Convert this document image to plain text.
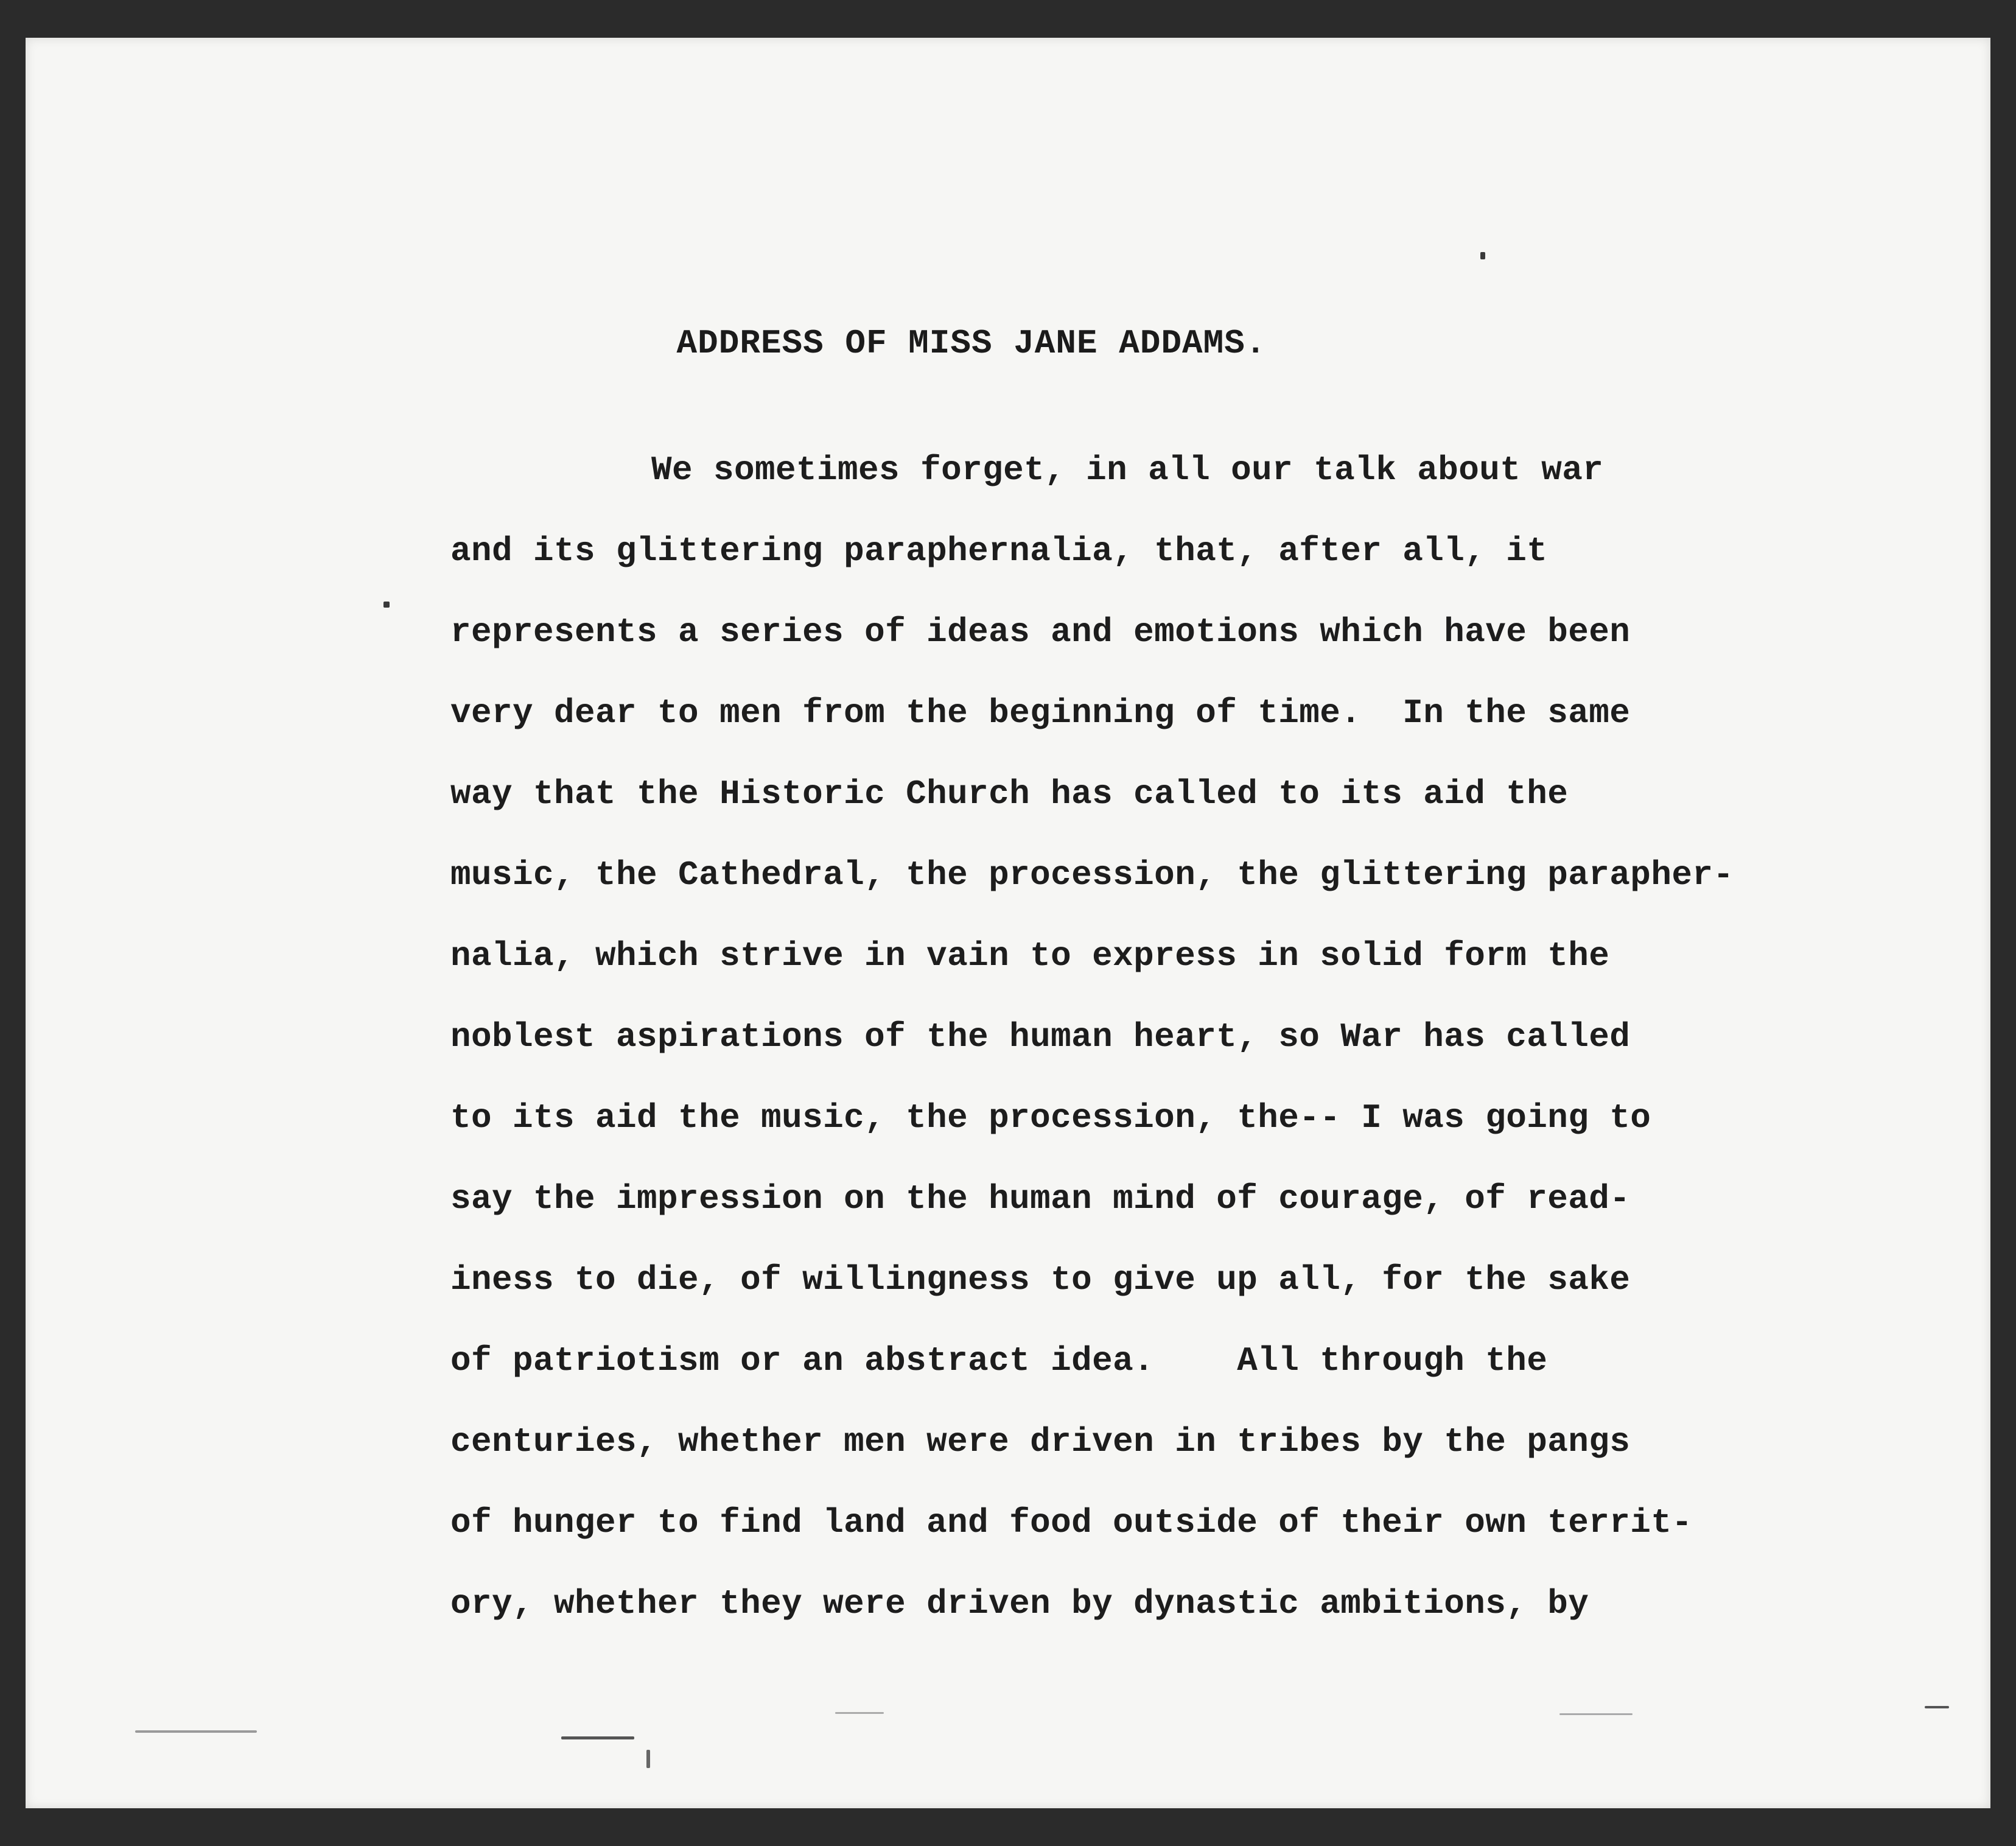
ADDRESS OF MISS JANE ADDAMS.
We sometimes forget, in all our talk about war
and its glittering paraphernalia, that, after all, it
represents a series of ideas and emotions which have been
very dear to men from the beginning of time.  In the same
way that the Historic Church has called to its aid the
music, the Cathedral, the procession, the glittering parapher-
nalia, which strive in vain to express in solid form the
noblest aspirations of the human heart, so War has called
to its aid the music, the procession, the-- I was going to
say the impression on the human mind of courage, of read-
iness to die, of willingness to give up all, for the sake
of patriotism or an abstract idea.    All through the
centuries, whether men were driven in tribes by the pangs
of hunger to find land and food outside of their own territ-
ory, whether they were driven by dynastic ambitions, by
